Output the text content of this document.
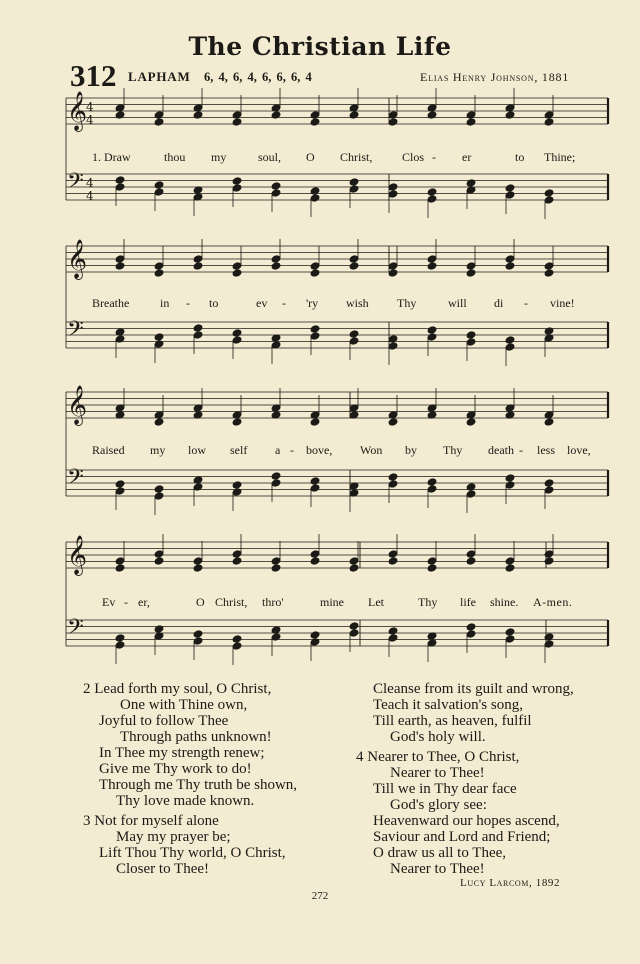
The Christian Life
312 LAPHAM 6, 4, 6, 4, 6, 6, 6, 4	Elias Henry Johnson, 1881
𝄞
4
4
𝄢 4
4
𝄞
𝄢
𝄞
𝄢
𝄞
𝄢
1. Draw	thou my	soul, O Christ, Clos - er	to Thine;
Breathe	in - to	ev - 'ry wish Thy	will di - vine!
Raised my low self a - bove, Won by Thy death - less love,
Ev - er,	O Christ, thro'	mine Let	Thy life shine. A-men.
2 Lead forth my soul, O Christ,
One with Thine own,
Joyful to follow Thee
Through paths unknown!
In Thee my strength renew;
Give me Thy work to do!
Through me Thy truth be shown,
Thy love made known.
3 Not for myself alone
May my prayer be;
Lift Thou Thy world, O Christ,
Closer to Thee!
Cleanse from its guilt and wrong,
Teach it salvation's song,
Till earth, as heaven, fulfil
God's holy will.
4 Nearer to Thee, O Christ,
Nearer to Thee!
Till we in Thy dear face
God's glory see:
Heavenward our hopes ascend,
Saviour and Lord and Friend;
O draw us all to Thee,
Nearer to Thee!
Lucy Larcom, 1892
272
